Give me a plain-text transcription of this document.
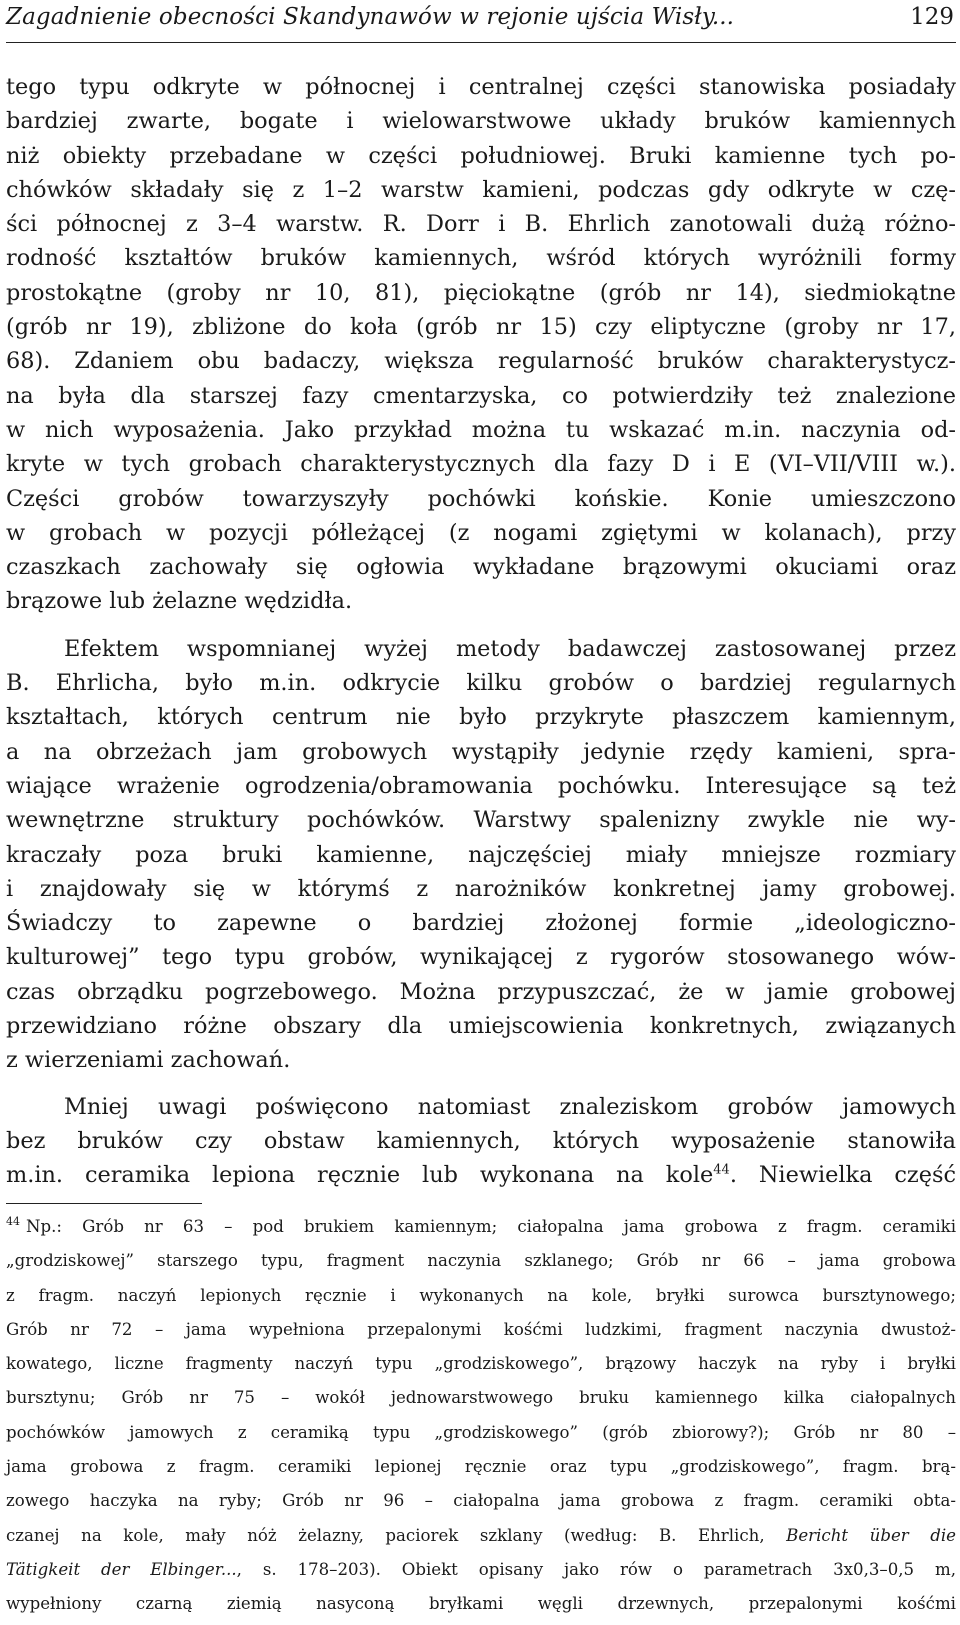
Zagadnienie obecności Skandynawów w rejonie ujścia Wisły...	129

tego typu odkryte w północnej i centralnej części stanowiska posiadały
bardziej zwarte, bogate i wielowarstwowe układy bruków kamiennych
niż obiekty przebadane w części południowej. Bruki kamienne tych po-
chówków składały się z 1–2 warstw kamieni, podczas gdy odkryte w czę-
ści północnej z 3–4 warstw. R. Dorr i B. Ehrlich zanotowali dużą różno-
rodność kształtów bruków kamiennych, wśród których wyróżnili formy
prostokątne (groby nr 10, 81), pięciokątne (grób nr 14), siedmiokątne
(grób nr 19), zbliżone do koła (grób nr 15) czy eliptyczne (groby nr 17,
68). Zdaniem obu badaczy, większa regularność bruków charakterystycz-
na była dla starszej fazy cmentarzyska, co potwierdziły też znalezione
w nich wyposażenia. Jako przykład można tu wskazać m.in. naczynia od-
kryte w tych grobach charakterystycznych dla fazy D i E (VI–VII/VIII w.).
Części grobów towarzyszyły pochówki końskie. Konie umieszczono
w grobach w pozycji półleżącej (z nogami zgiętymi w kolanach), przy
czaszkach zachowały się ogłowia wykładane brązowymi okuciami oraz
brązowe lub żelazne wędzidła.

Efektem wspomnianej wyżej metody badawczej zastosowanej przez
B. Ehrlicha, było m.in. odkrycie kilku grobów o bardziej regularnych
kształtach, których centrum nie było przykryte płaszczem kamiennym,
a na obrzeżach jam grobowych wystąpiły jedynie rzędy kamieni, spra-
wiające wrażenie ogrodzenia/obramowania pochówku. Interesujące są też
wewnętrzne struktury pochówków. Warstwy spalenizny zwykle nie wy-
kraczały poza bruki kamienne, najczęściej miały mniejsze rozmiary
i znajdowały się w którymś z narożników konkretnej jamy grobowej.
Świadczy to zapewne o bardziej złożonej formie „ideologiczno-
kulturowej” tego typu grobów, wynikającej z rygorów stosowanego wów-
czas obrządku pogrzebowego. Można przypuszczać, że w jamie grobowej
przewidziano różne obszary dla umiejscowienia konkretnych, związanych
z wierzeniami zachowań.

Mniej uwagi poświęcono natomiast znaleziskom grobów jamowych
bez bruków czy obstaw kamiennych, których wyposażenie stanowiła
m.in. ceramika lepiona ręcznie lub wykonana na kole$^{44}$. Niewielka część

$^{44}$ Np.: Grób nr 63 – pod brukiem kamiennym; ciałopalna jama grobowa z fragm. ceramiki
„grodziskowej” starszego typu, fragment naczynia szklanego; Grób nr 66 – jama grobowa
z fragm. naczyń lepionych ręcznie i wykonanych na kole, bryłki surowca bursztynowego;
Grób nr 72 – jama wypełniona przepalonymi kośćmi ludzkimi, fragment naczynia dwustoż-
kowatego, liczne fragmenty naczyń typu „grodziskowego”, brązowy haczyk na ryby i bryłki
bursztynu; Grób nr 75 – wokół jednowarstwowego bruku kamiennego kilka ciałopalnych
pochówków jamowych z ceramiką typu „grodziskowego” (grób zbiorowy?); Grób nr 80 –
jama grobowa z fragm. ceramiki lepionej ręcznie oraz typu „grodziskowego”, fragm. brą-
zowego haczyka na ryby; Grób nr 96 – ciałopalna jama grobowa z fragm. ceramiki obta-
czanej na kole, mały nóż żelazny, paciorek szklany (według: B. Ehrlich, Bericht über die
Tätigkeit der Elbinger..., s. 178–203). Obiekt opisany jako rów o parametrach 3x0,3–0,5 m,
wypełniony czarną ziemią nasyconą bryłkami węgli drzewnych, przepalonymi kośćmi
